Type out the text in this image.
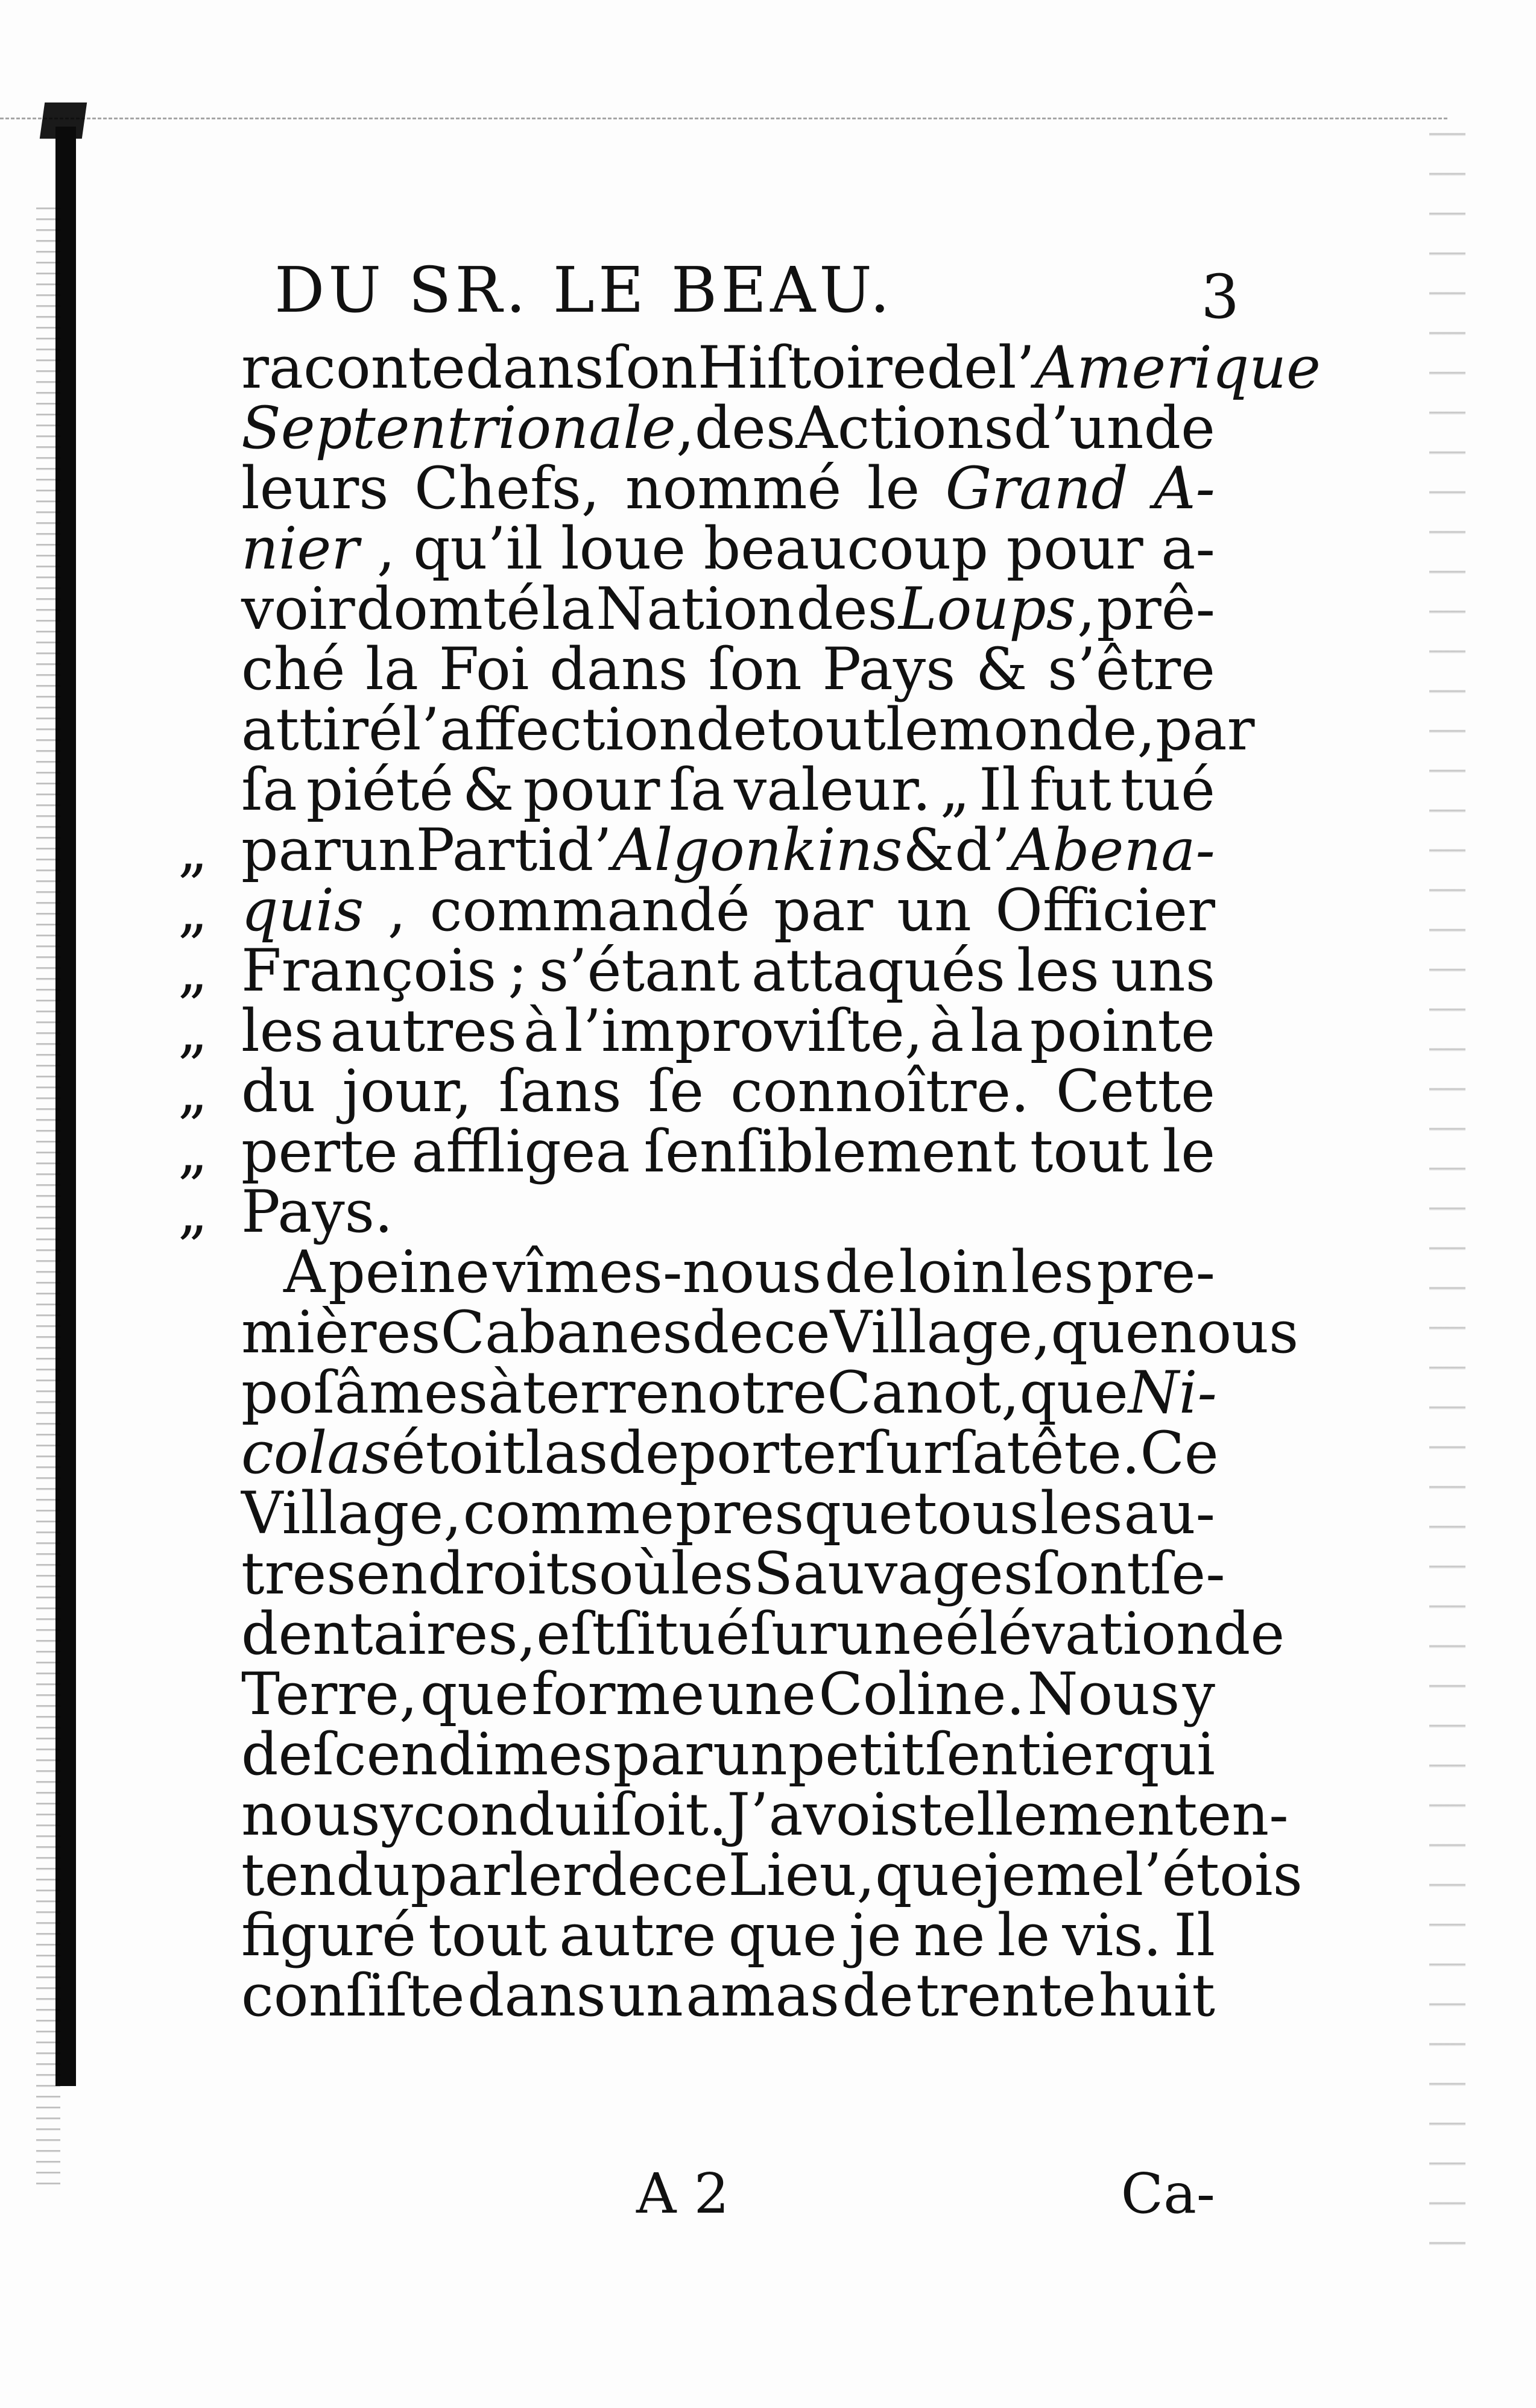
DU SR. LE BEAU.	3
raconte dans ſon Hiſtoire de l’ Amerique
Septentrionale , des Actions d’un de
leurs Chefs, nommé le Grand A-
nier , qu’il loue beaucoup pour a-
voir domté la Nation des Loups , prê-
ché la Foi dans ſon Pays & s’être
attiré l’affection de tout le monde , par
ſa piété & pour ſa valeur. „ Il fut tué
„ par un Parti d’ Algonkins & d’ Abena-
„ quis , commandé par un Officier
„ François ; s’étant attaqués les uns
„ les autres à l’improviſte, à la pointe
„ du jour, ſans ſe connoître. Cette
„ perte affligea ſenſiblement tout le
„ Pays.
A peine vîmes-nous de loin les pre-
mières Cabanes de ce Village , que nous
poſâmes à terre notre Canot, que Ni-
colas étoit las de porter ſur ſa tête. Ce
Village, comme presque tous les au-
tres endroits où les Sauvages ſont ſe-
dentaires, eſt ſitué ſur une élévation de
Terre, que forme une Coline. Nous y
deſcendimes par un petit ſentier qui
nous y conduiſoit. J’avois tellement en-
tendu parler de ce Lieu, que je me l’étois
figuré tout autre que je ne le vis. Il
conſiſte dans un amas de trente huit
A 2	Ca-
